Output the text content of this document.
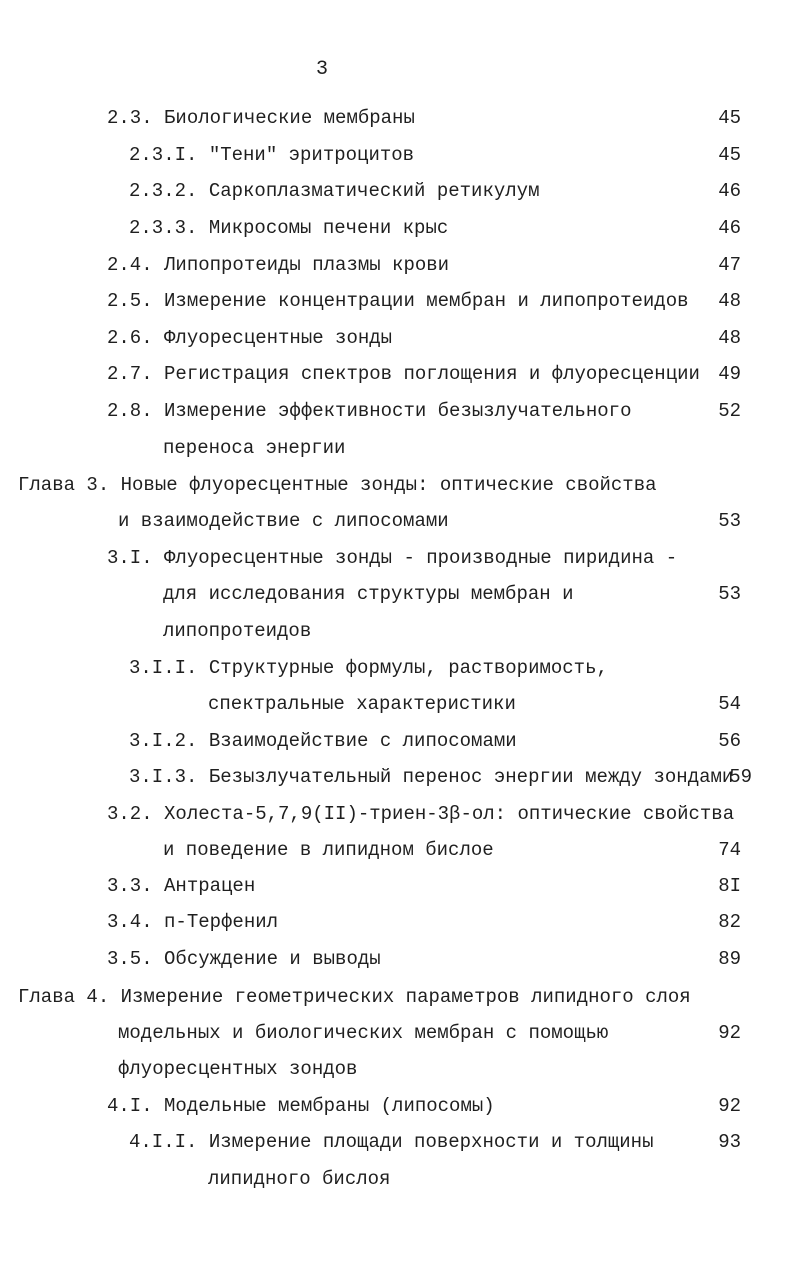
3
2.3. Биологические мембраны	45
2.3.I. "Тени" эритроцитов	45
2.3.2. Саркоплазматический ретикулум	46
2.3.3. Микросомы печени крыс	46
2.4. Липопротеиды плазмы крови	47
2.5. Измерение концентрации мембран и липопротеидов	48
2.6. Флуоресцентные зонды	48
2.7. Регистрация спектров поглощения и флуоресценции 49
2.8. Измерение эффективности безызлучательного	52
переноса энергии
Глава 3. Новые флуоресцентные зонды: оптические свойства
и взаимодействие с липосомами	53
3.I. Флуоресцентные зонды - производные пиридина -
для исследования структуры мембран и	53
липопротеидов
3.I.I. Структурные формулы, растворимость,
спектральные характеристики	54
3.I.2. Взаимодействие с липосомами	56
3.I.3. Безызлучательный перенос энергии между зондами
59
3.2. Холеста-5,7,9(II)-триен-3β-ол: оптические свойства
и поведение в липидном бислое	74
3.3. Антрацен	8I
3.4. п-Терфенил	82
3.5. Обсуждение и выводы	89
Глава 4. Измерение геометрических параметров липидного слоя
модельных и биологических мембран с помощью	92
флуоресцентных зондов
4.I. Модельные мембраны (липосомы)	92
4.I.I. Измерение площади поверхности и толщины	93
липидного бислоя
